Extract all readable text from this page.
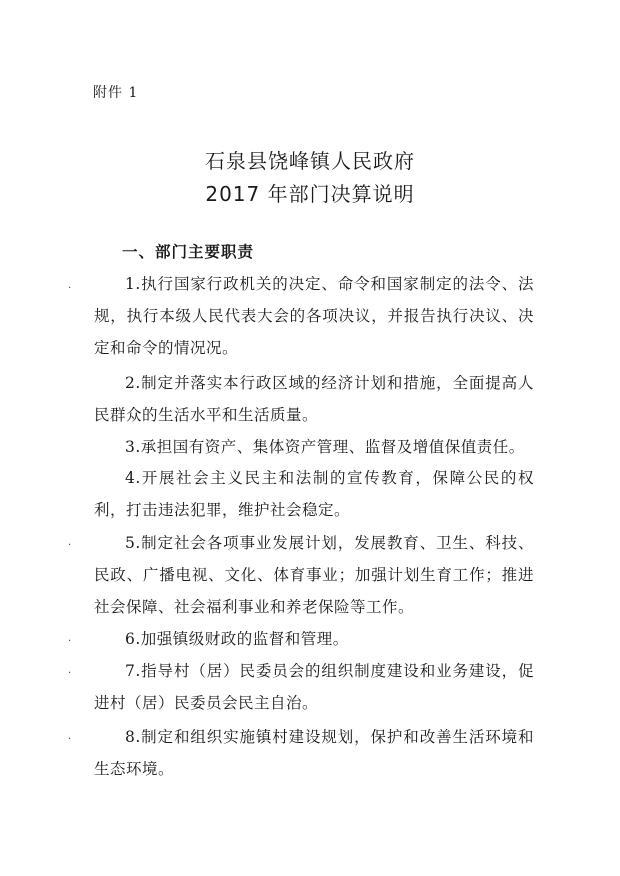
附件 1
石泉县饶峰镇人民政府
2017 年部门决算说明
一、部门主要职责
1.执行国家行政机关的决定、命令和国家制定的法令、法规，执行本级人民代表大会的各项决议，并报告执行决议、决定和命令的情况况。
2.制定并落实本行政区域的经济计划和措施，全面提高人民群众的生活水平和生活质量。
3.承担国有资产、集体资产管理、监督及增值保值责任。
4.开展社会主义民主和法制的宣传教育，保障公民的权利，打击违法犯罪，维护社会稳定。
5.制定社会各项事业发展计划，发展教育、卫生、科技、民政、广播电视、文化、体育事业；加强计划生育工作；推进社会保障、社会福利事业和养老保险等工作。
6.加强镇级财政的监督和管理。
7.指导村（居）民委员会的组织制度建设和业务建设，促进村（居）民委员会民主自治。
8.制定和组织实施镇村建设规划，保护和改善生活环境和生态环境。
.
.
.
.
.
